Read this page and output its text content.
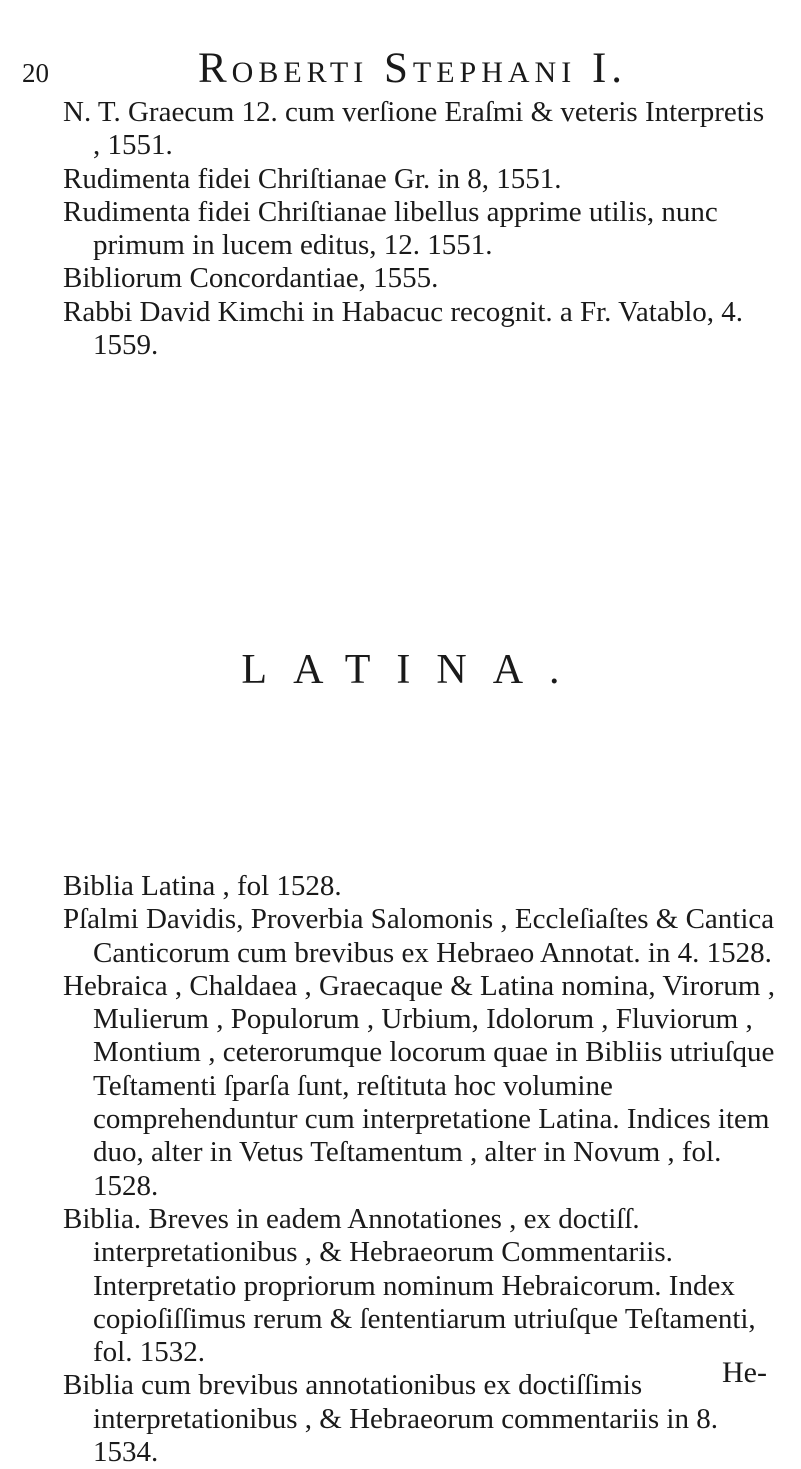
20	Roberti Stephani I.
N. T. Graecum 12. cum verſione Eraſmi & veteris Interpretis , 1551.
Rudimenta fidei Chriſtianae Gr. in 8, 1551.
Rudimenta fidei Chriſtianae libellus apprime utilis, nunc primum in lucem editus, 12. 1551.
Bibliorum Concordantiae, 1555.
Rabbi David Kimchi in Habacuc recognit. a Fr. Vatablo, 4. 1559.
LATINA.
Biblia Latina , fol 1528.
Pſalmi Davidis, Proverbia Salomonis , Eccleſiaſtes & Cantica Canticorum cum brevibus ex Hebraeo Annotat. in 4. 1528.
Hebraica , Chaldaea , Graecaque & Latina nomina, Virorum , Mulierum , Populorum , Urbium, Idolorum , Fluviorum , Montium , ceterorumque locorum quae in Bibliis utriuſque Teſtamenti ſparſa ſunt, reſtituta hoc volumine comprehenduntur cum interpretatione Latina. Indices item duo, alter in Vetus Teſtamentum , alter in Novum , fol. 1528.
Biblia. Breves in eadem Annotationes , ex doctiſſ. interpretationibus , & Hebraeorum Commentariis. Interpretatio propriorum nominum Hebraicorum. Index copioſiſſimus rerum & ſententiarum utriuſque Teſtamenti, fol. 1532.
Biblia cum brevibus annotationibus ex doctiſſimis interpretationibus , & Hebraeorum commentariis in 8. 1534.
He-
